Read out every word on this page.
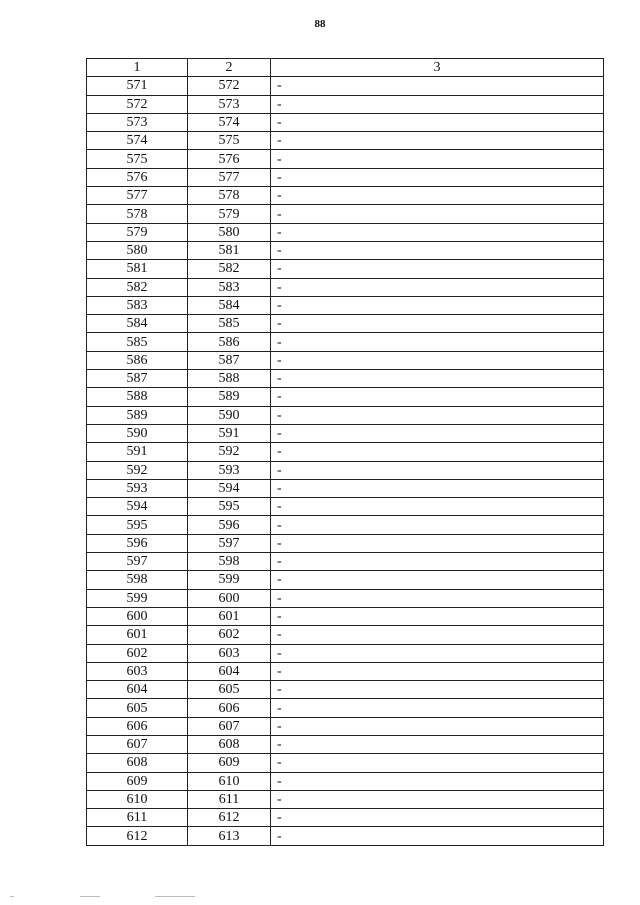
88
1	2	3
571	572	-
572	573	-
573	574	-
574	575	-
575	576	-
576	577	-
577	578	-
578	579	-
579	580	-
580	581	-
581	582	-
582	583	-
583	584	-
584	585	-
585	586	-
586	587	-
587	588	-
588	589	-
589	590	-
590	591	-
591	592	-
592	593	-
593	594	-
594	595	-
595	596	-
596	597	-
597	598	-
598	599	-
599	600	-
600	601	-
601	602	-
602	603	-
603	604	-
604	605	-
605	606	-
606	607	-
607	608	-
608	609	-
609	610	-
610	611	-
611	612	-
612	613	-
